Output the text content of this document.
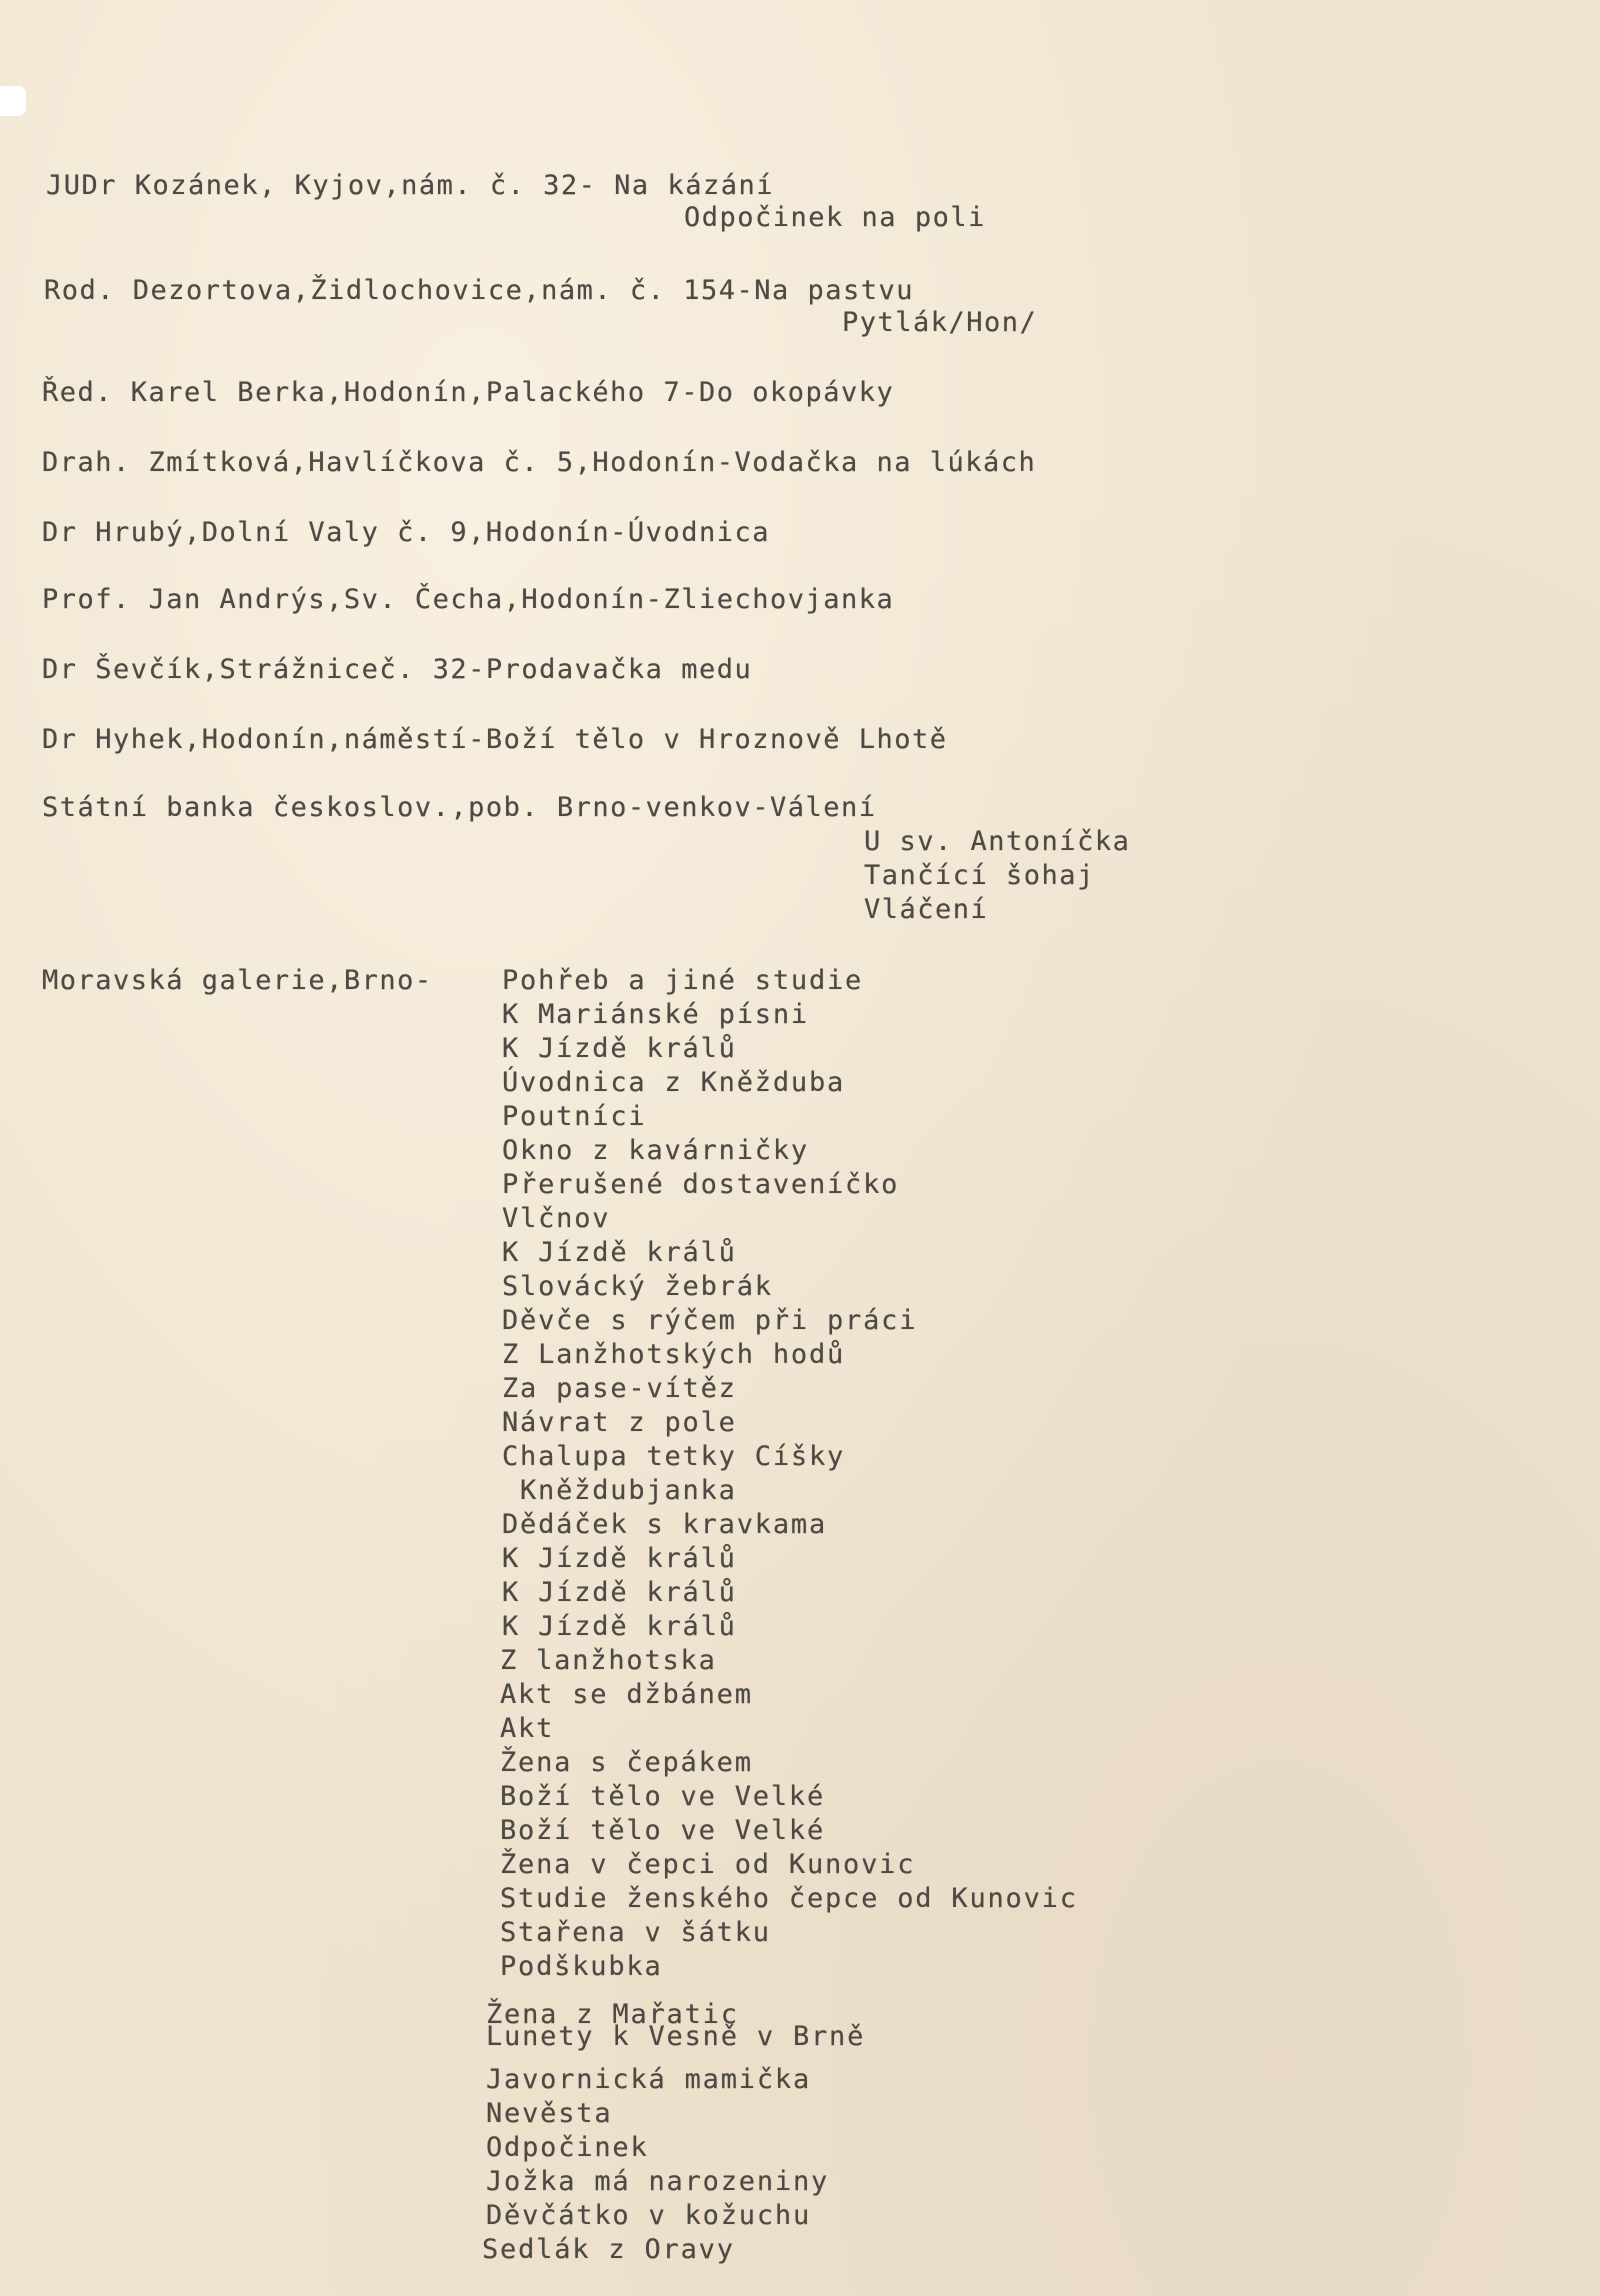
JUDr Kozánek, Kyjov,nám. č. 32- Na kázání
Odpočinek na poli
Rod. Dezortova,Židlochovice,nám. č. 154-Na pastvu
Pytlák/Hon/
Řed. Karel Berka,Hodonín,Palackého 7-Do okopávky
Drah. Zmítková,Havlíčkova č. 5,Hodonín-Vodačka na lúkách
Dr Hrubý,Dolní Valy č. 9,Hodonín-Úvodnica
Prof. Jan Andrýs,Sv. Čecha,Hodonín-Zliechovjanka
Dr Ševčík,Strážniceč. 32-Prodavačka medu
Dr Hyhek,Hodonín,náměstí-Boží tělo v Hroznově Lhotě
Státní banka českoslov.,pob. Brno-venkov-Válení
U sv. Antoníčka
Tančící šohaj
Vláčení
Moravská galerie,Brno-	Pohřeb a jiné studie
K Mariánské písni
K Jízdě králů
Úvodnica z Kněždubа
Poutníci
Okno z kavárničky
Přerušené dostaveníčko
Vlčnov
K Jízdě králů
Slovácký žebrák
Děvče s rýčem při práci
Z Lanžhotských hodů
Za pase-vítěz
Návrat z pole
Chalupa tetky Cíšky
Kněždubjanka
Dědáček s kravkama
K Jízdě králů
K Jízdě králů
K Jízdě králů
Z lanžhotska
Akt se džbánem
Akt
Žena s čepákem
Boží tělo ve Velké
Boží tělo ve Velké
Žena v čepci od Kunovic
Studie ženského čepce od Kunovic
Stařena v šátku
Podškubka
Žena z Mařatic
Lunety k Vesně v Brně
Javornická mamička
Nevěsta
Odpočinek
Jožka má narozeniny
Děvčátko v kožuchu
Sedlák z Oravy
